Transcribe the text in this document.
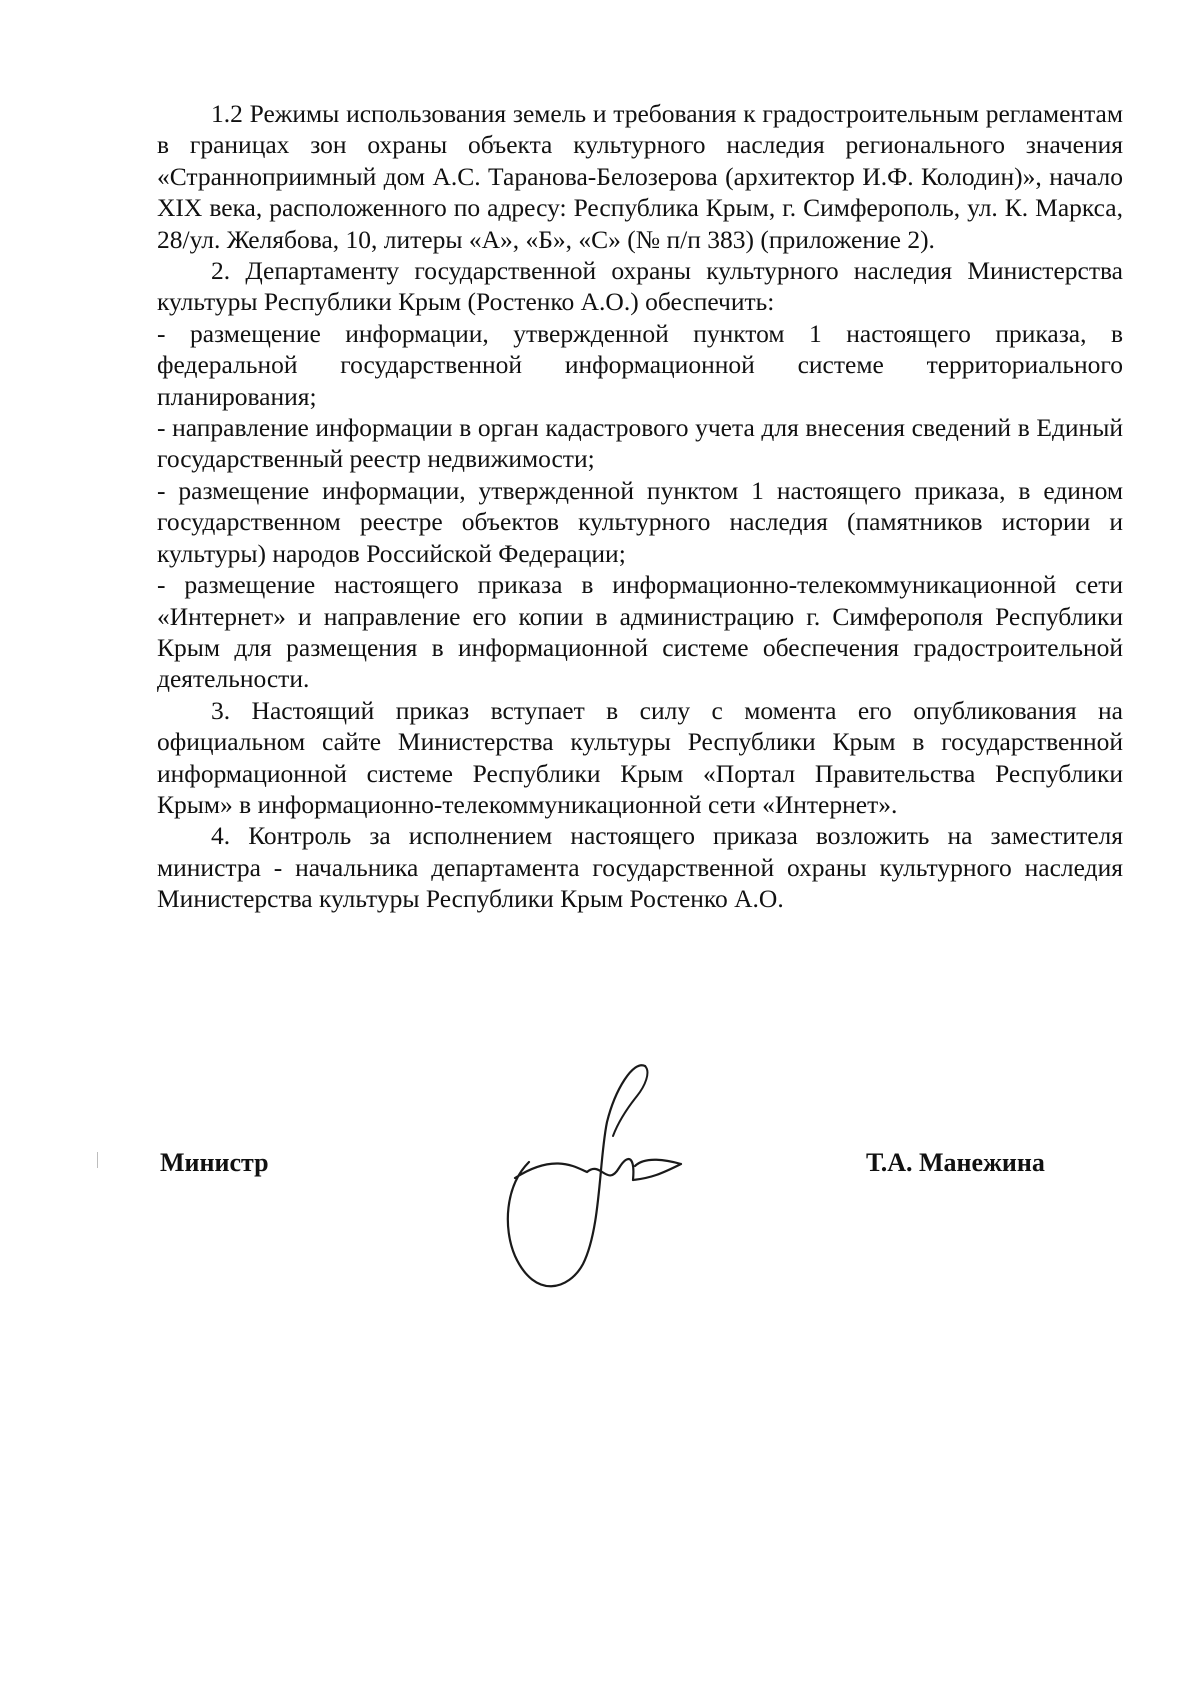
1.2 Режимы использования земель и требования к градостроительным регламентам в границах зон охраны объекта культурного наследия регионального значения «Странноприимный дом А.С. Таранова-Белозерова (архитектор И.Ф. Колодин)», начало XIX века, расположенного по адресу: Республика Крым, г. Симферополь, ул. К. Маркса, 28/ул. Желябова, 10, литеры «А», «Б», «С» (№ п/п 383) (приложение 2).

2. Департаменту государственной охраны культурного наследия Министерства культуры Республики Крым (Ростенко А.О.) обеспечить:

- размещение информации, утвержденной пунктом 1 настоящего приказа, в федеральной государственной информационной системе территориального планирования;

- направление информации в орган кадастрового учета для внесения сведений в Единый государственный реестр недвижимости;

- размещение информации, утвержденной пунктом 1 настоящего приказа, в едином государственном реестре объектов культурного наследия (памятников истории и культуры) народов Российской Федерации;

- размещение настоящего приказа в информационно-телекоммуникационной сети «Интернет» и направление его копии в администрацию г. Симферополя Республики Крым для размещения в информационной системе обеспечения градостроительной деятельности.

3. Настоящий приказ вступает в силу с момента его опубликования на официальном сайте Министерства культуры Республики Крым в государственной информационной системе Республики Крым «Портал Правительства Республики Крым» в информационно-телекоммуникационной сети «Интернет».

4. Контроль за исполнением настоящего приказа возложить на заместителя министра - начальника департамента государственной охраны культурного наследия Министерства культуры Республики Крым Ростенко А.О.

Министр	Т.А. Манежина
